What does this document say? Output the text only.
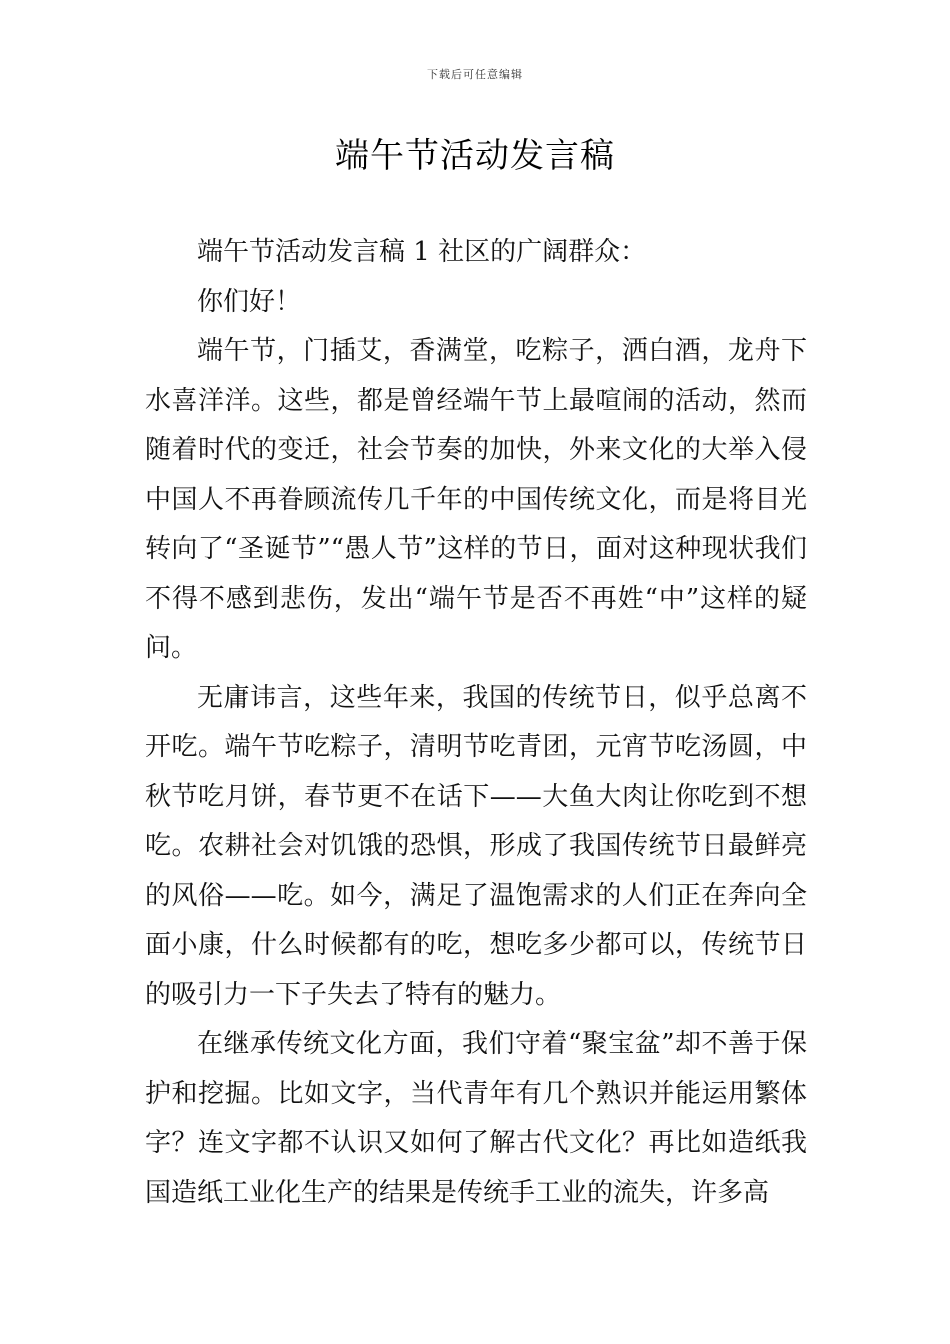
下载后可任意编辑
端午节活动发言稿

端午节活动发言稿 1 社区的广阔群众：

你们好！

端午节，门插艾，香满堂，吃粽子，洒白酒，龙舟下水喜洋洋。这些，都是曾经端午节上最喧闹的活动，然而随着时代的变迁，社会节奏的加快，外来文化的大举入侵中国人不再眷顾流传几千年的中国传统文化，而是将目光转向了“圣诞节”“愚人节”这样的节日，面对这种现状我们不得不感到悲伤，发出“端午节是否不再姓“中”这样的疑问。

无庸讳言，这些年来，我国的传统节日，似乎总离不开吃。端午节吃粽子，清明节吃青团，元宵节吃汤圆，中秋节吃月饼，春节更不在话下——大鱼大肉让你吃到不想吃。农耕社会对饥饿的恐惧，形成了我国传统节日最鲜亮的风俗——吃。如今，满足了温饱需求的人们正在奔向全面小康，什么时候都有的吃，想吃多少都可以，传统节日的吸引力一下子失去了特有的魅力。

在继承传统文化方面，我们守着“聚宝盆”却不善于保护和挖掘。比如文字，当代青年有几个熟识并能运用繁体字？连文字都不认识又如何了解古代文化？再比如造纸我国造纸工业化生产的结果是传统手工业的流失，许多高
